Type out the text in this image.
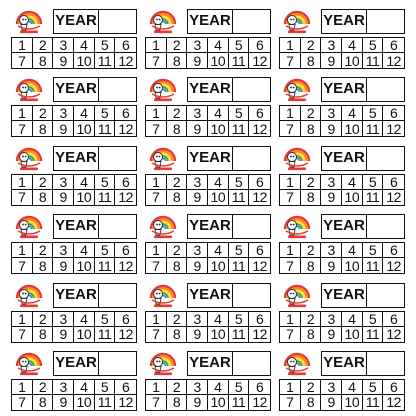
YEAR
1 2 3 4 5 6
7 8 9 10 11 12
YEAR
1 2 3 4 5 6
7 8 9 10 11 12
YEAR
1 2 3 4 5 6
7 8 9 10 11 12
YEAR
1 2 3 4 5 6
7 8 9 10 11 12
YEAR
1 2 3 4 5 6
7 8 9 10 11 12
YEAR
1 2 3 4 5 6
7 8 9 10 11 12
YEAR
1 2 3 4 5 6
7 8 9 10 11 12
YEAR
1 2 3 4 5 6
7 8 9 10 11 12
YEAR
1 2 3 4 5 6
7 8 9 10 11 12
YEAR
1 2 3 4 5 6
7 8 9 10 11 12
YEAR
1 2 3 4 5 6
7 8 9 10 11 12
YEAR
1 2 3 4 5 6
7 8 9 10 11 12
YEAR
1 2 3 4 5 6
7 8 9 10 11 12
YEAR
1 2 3 4 5 6
7 8 9 10 11 12
YEAR
1 2 3 4 5 6
7 8 9 10 11 12
YEAR
1 2 3 4 5 6
7 8 9 10 11 12
YEAR
1 2 3 4 5 6
7 8 9 10 11 12
YEAR
1 2 3 4 5 6
7 8 9 10 11 12
